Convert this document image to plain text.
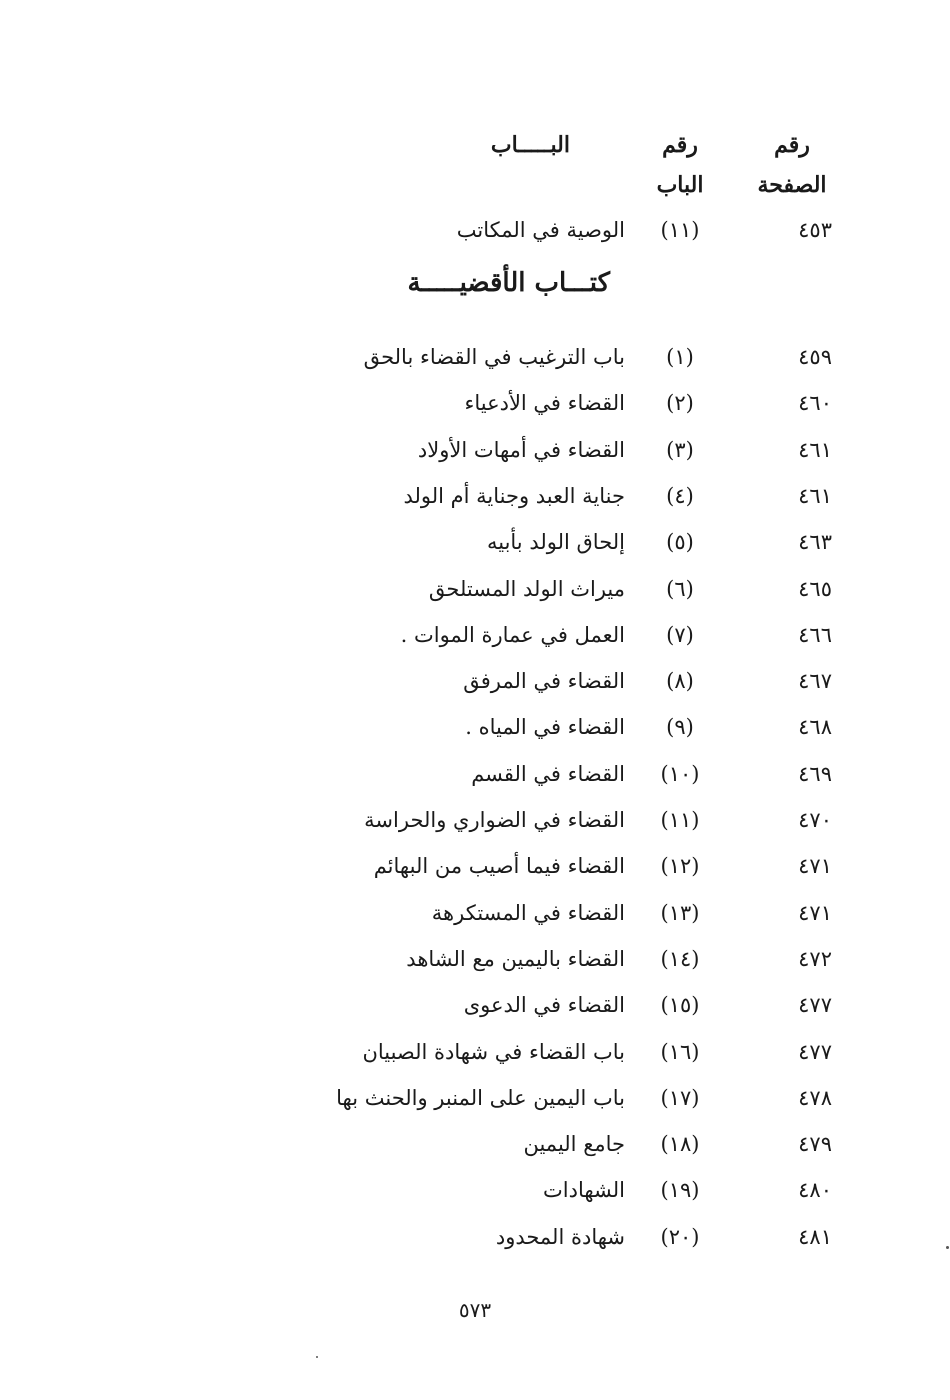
رقم
الصفحة
رقم
الباب
البـــــاب
٤٥٣
(١١)
الوصية في المكاتب
كتـــاب الأقضيـــــة
٤٥٩
(١)
باب الترغيب في القضاء بالحق
٤٦٠
(٢)
القضاء في الأدعياء
٤٦١
(٣)
القضاء في أمهات الأولاد
٤٦١
(٤)
جناية العبد وجناية أم الولد
٤٦٣
(٥)
إلحاق الولد بأبيه
٤٦٥
(٦)
ميراث الولد المستلحق
٤٦٦
(٧)
العمل في عمارة الموات .
٤٦٧
(٨)
القضاء في المرفق
٤٦٨
(٩)
القضاء في المياه .
٤٦٩
(١٠)
القضاء في القسم
٤٧٠
(١١)
القضاء في الضواري والحراسة
٤٧١
(١٢)
القضاء فيما أصيب من البهائم
٤٧١
(١٣)
القضاء في المستكرهة
٤٧٢
(١٤)
القضاء باليمين مع الشاهد
٤٧٧
(١٥)
القضاء في الدعوى
٤٧٧
(١٦)
باب القضاء في شهادة الصبيان
٤٧٨
(١٧)
باب اليمين على المنبر والحنث بها
٤٧٩
(١٨)
جامع اليمين
٤٨٠
(١٩)
الشهادات
٤٨١
(٢٠)
شهادة المحدود
٥٧٣
